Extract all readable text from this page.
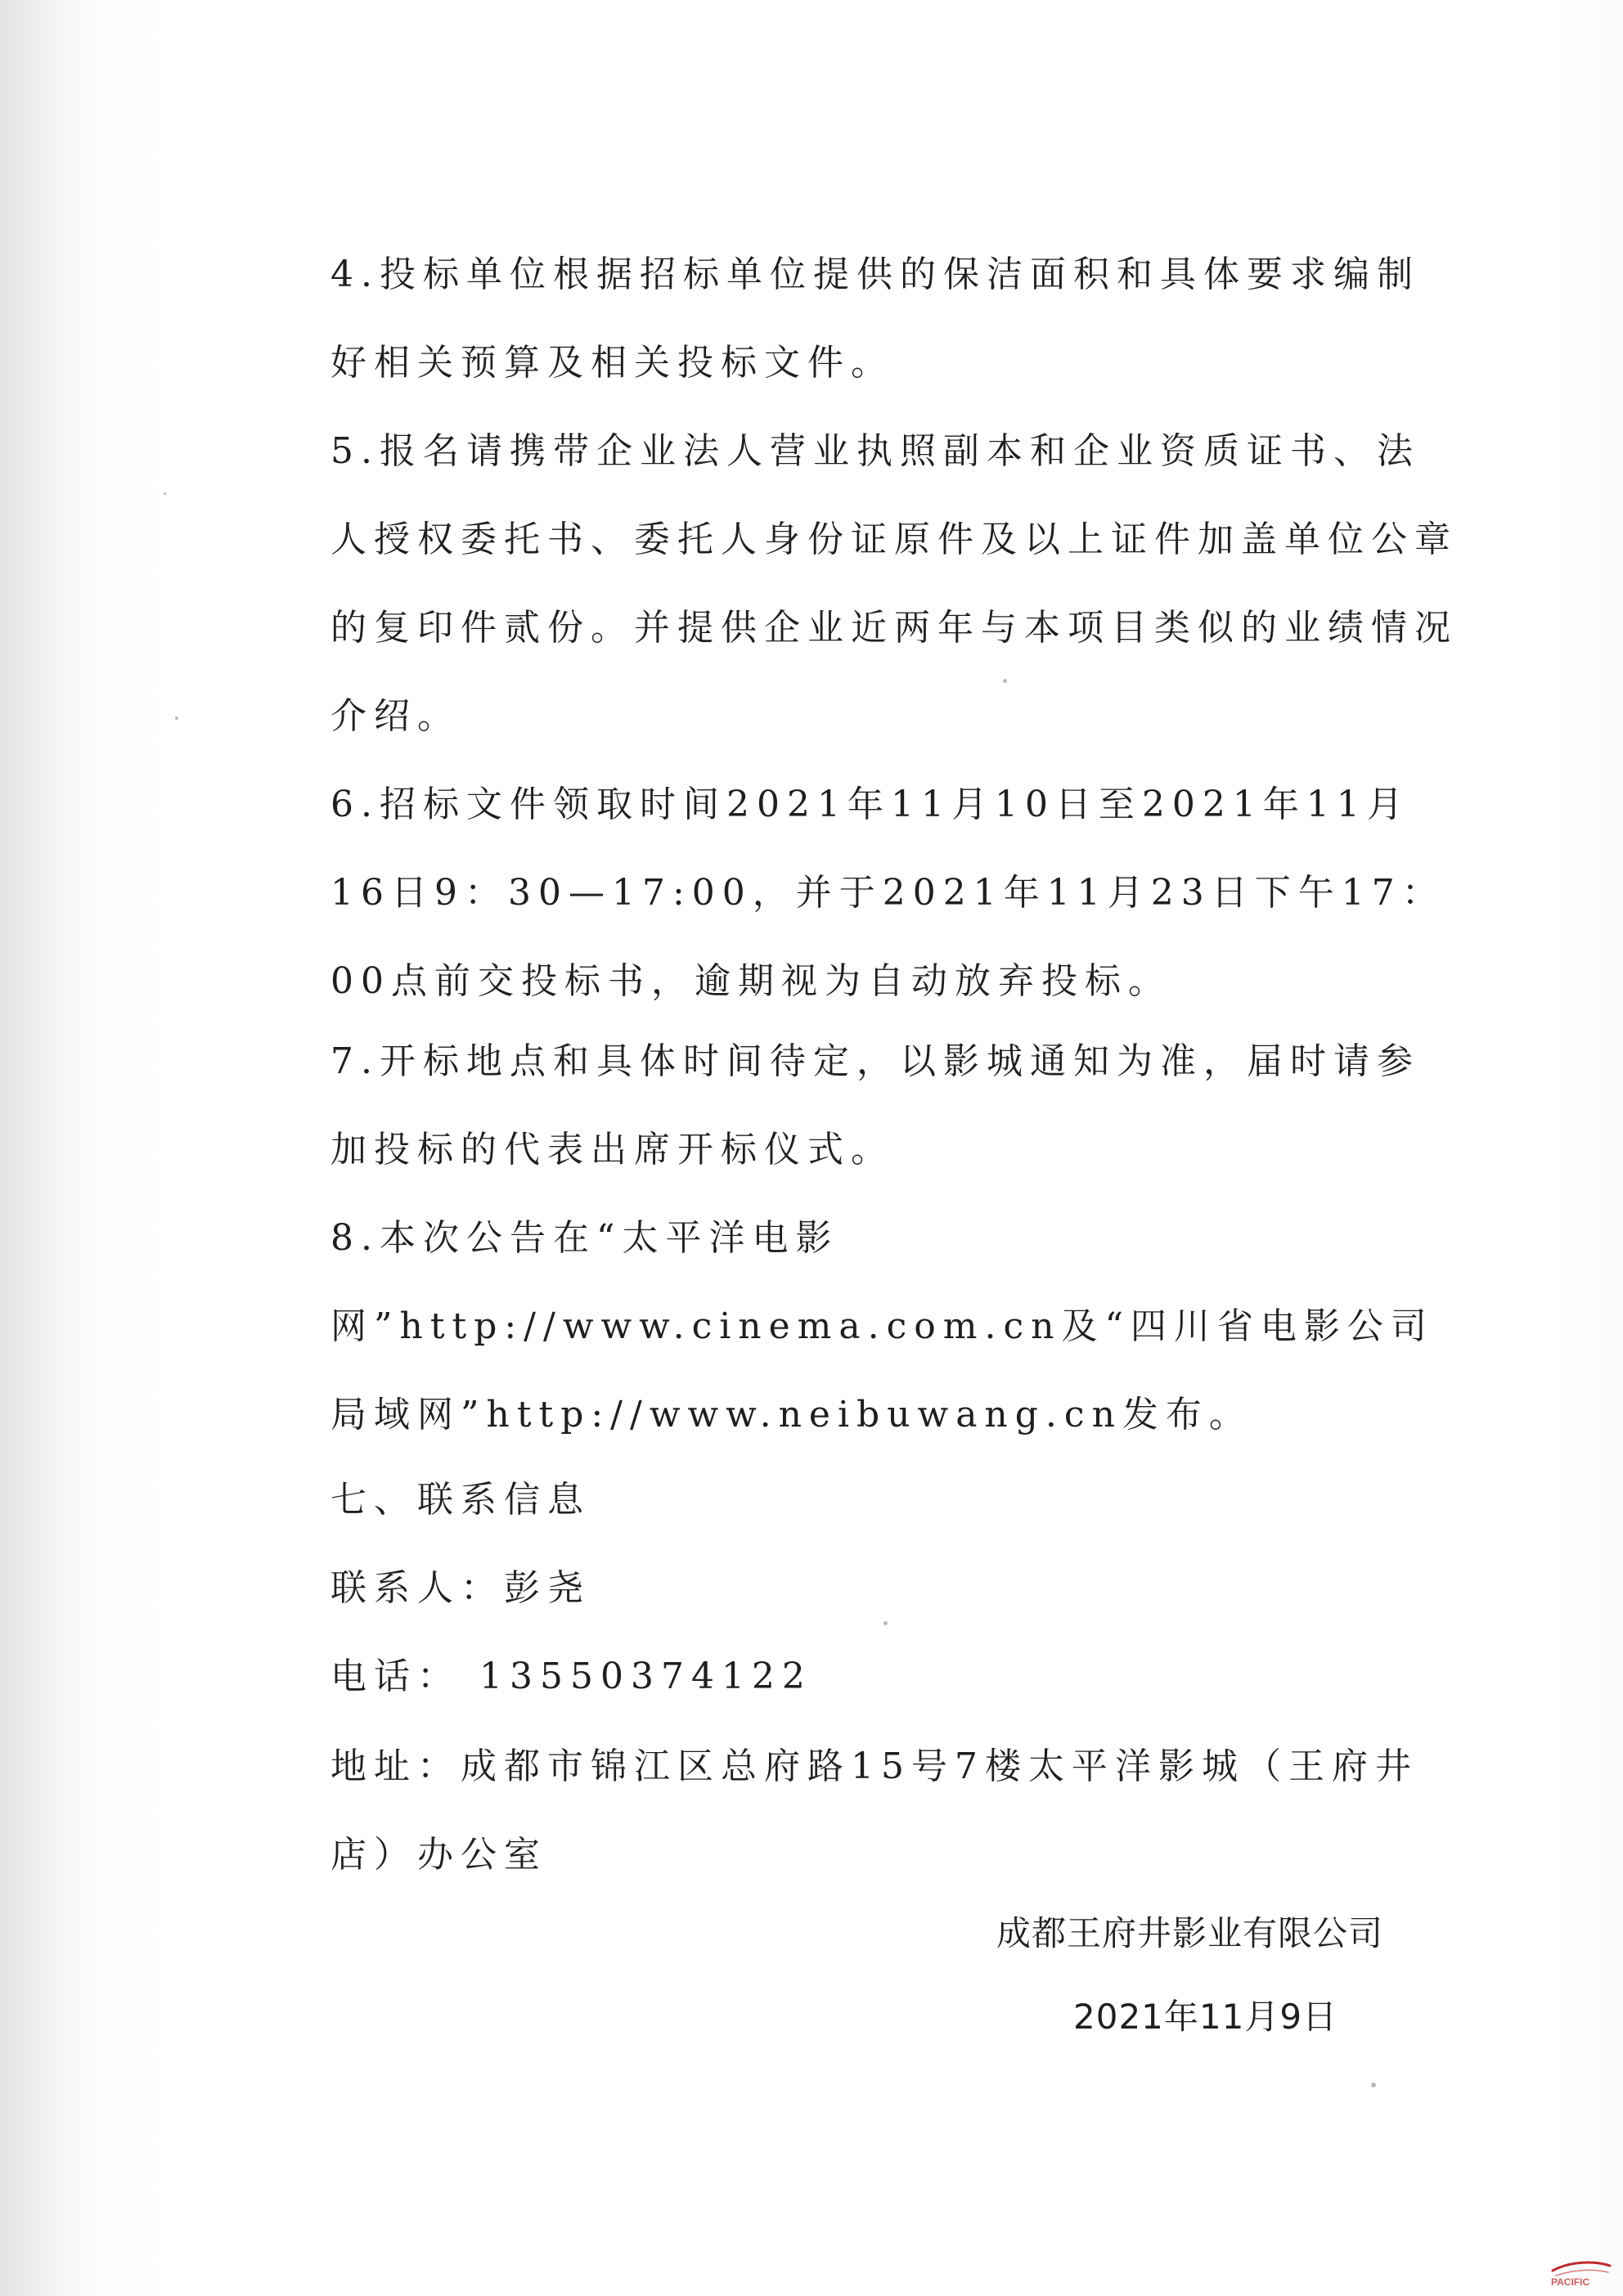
4.投标单位根据招标单位提供的保洁面积和具体要求编制好相关预算及相关投标文件。

5.报名请携带企业法人营业执照副本和企业资质证书、法人授权委托书、委托人身份证原件及以上证件加盖单位公章的复印件贰份。并提供企业近两年与本项目类似的业绩情况介绍。

6.招标文件领取时间2021年11月10日至2021年11月16日9：30—17:00，并于2021年11月23日下午17：00点前交投标书，逾期视为自动放弃投标。

7.开标地点和具体时间待定，以影城通知为准，届时请参加投标的代表出席开标仪式。

8.本次公告在“太平洋电影网”http://www.cinema.com.cn及“四川省电影公司局域网”http://www.neibuwang.cn发布。

七、联系信息

联系人：彭尧

电话： 13550374122

地址：成都市锦江区总府路15号7楼太平洋影城（王府井店）办公室

成都王府井影业有限公司

2021年11月9日

PACIFIC
